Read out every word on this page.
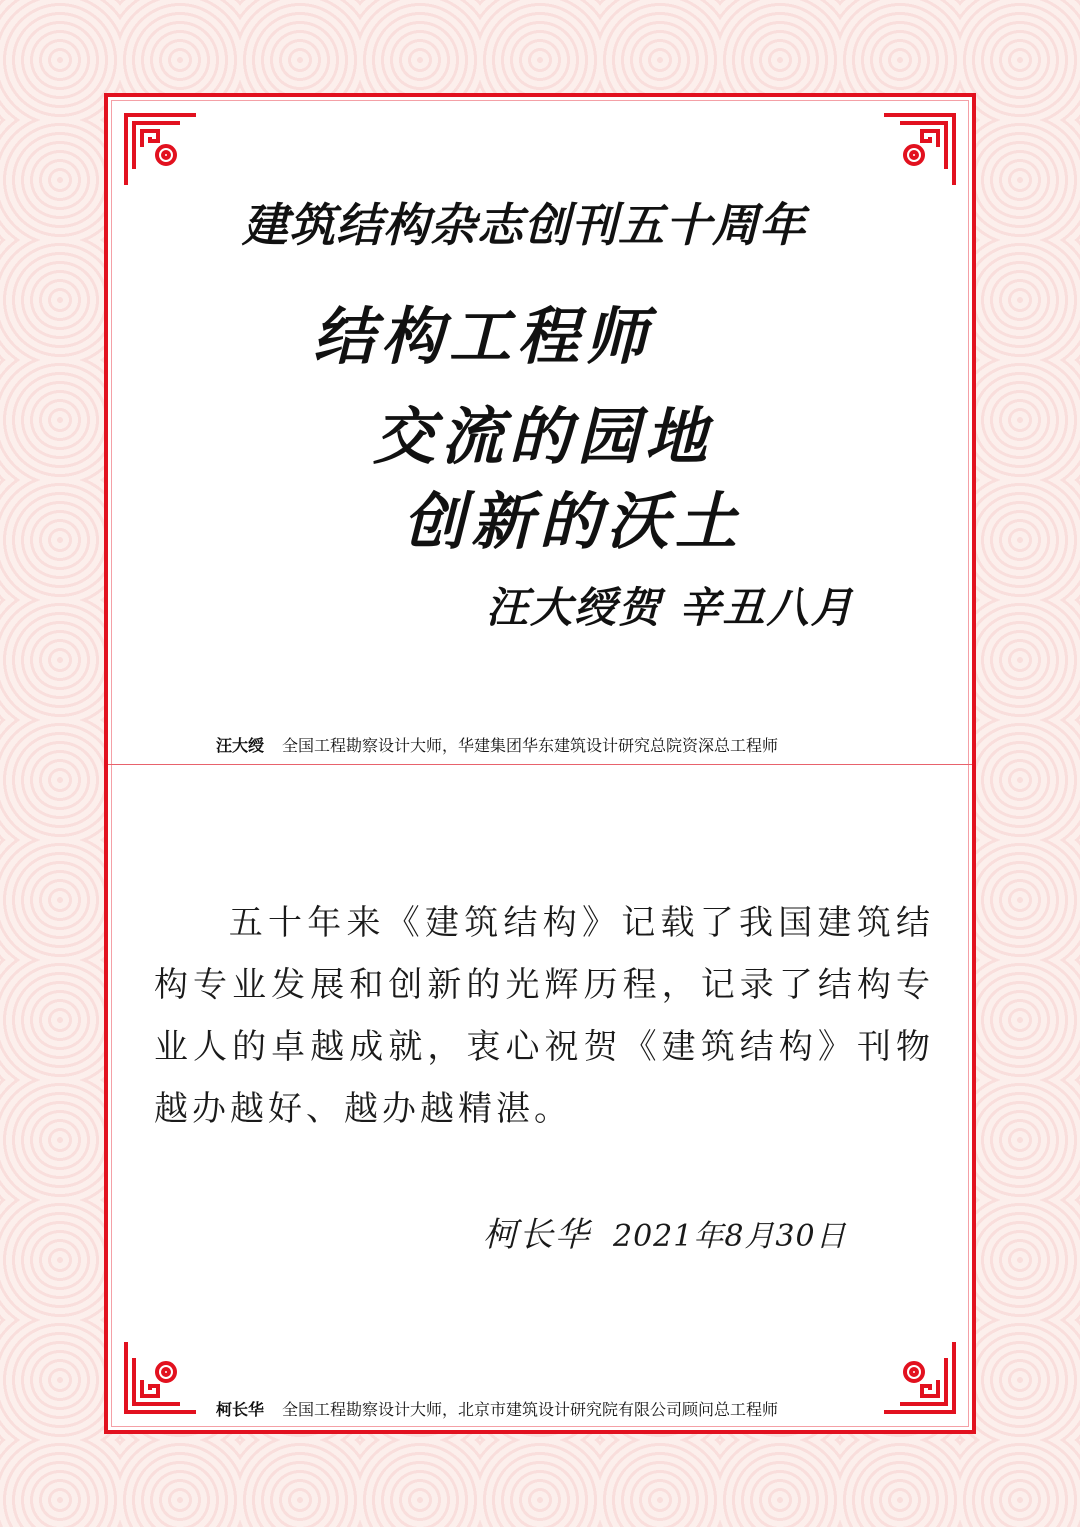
建筑结构杂志创刊五十周年
结构工程师
交流的园地
创新的沃土
汪大绶贺 辛丑八月
汪大绶 全国工程勘察设计大师，华建集团华东建筑设计研究总院资深总工程师
五十年来《建筑结构》记载了我国建筑结构专业发展和创新的光辉历程，记录了结构专业人的卓越成就，衷心祝贺《建筑结构》刊物越办越好、越办越精湛。
柯长华 2021年8月30日
柯长华 全国工程勘察设计大师，北京市建筑设计研究院有限公司顾问总工程师
